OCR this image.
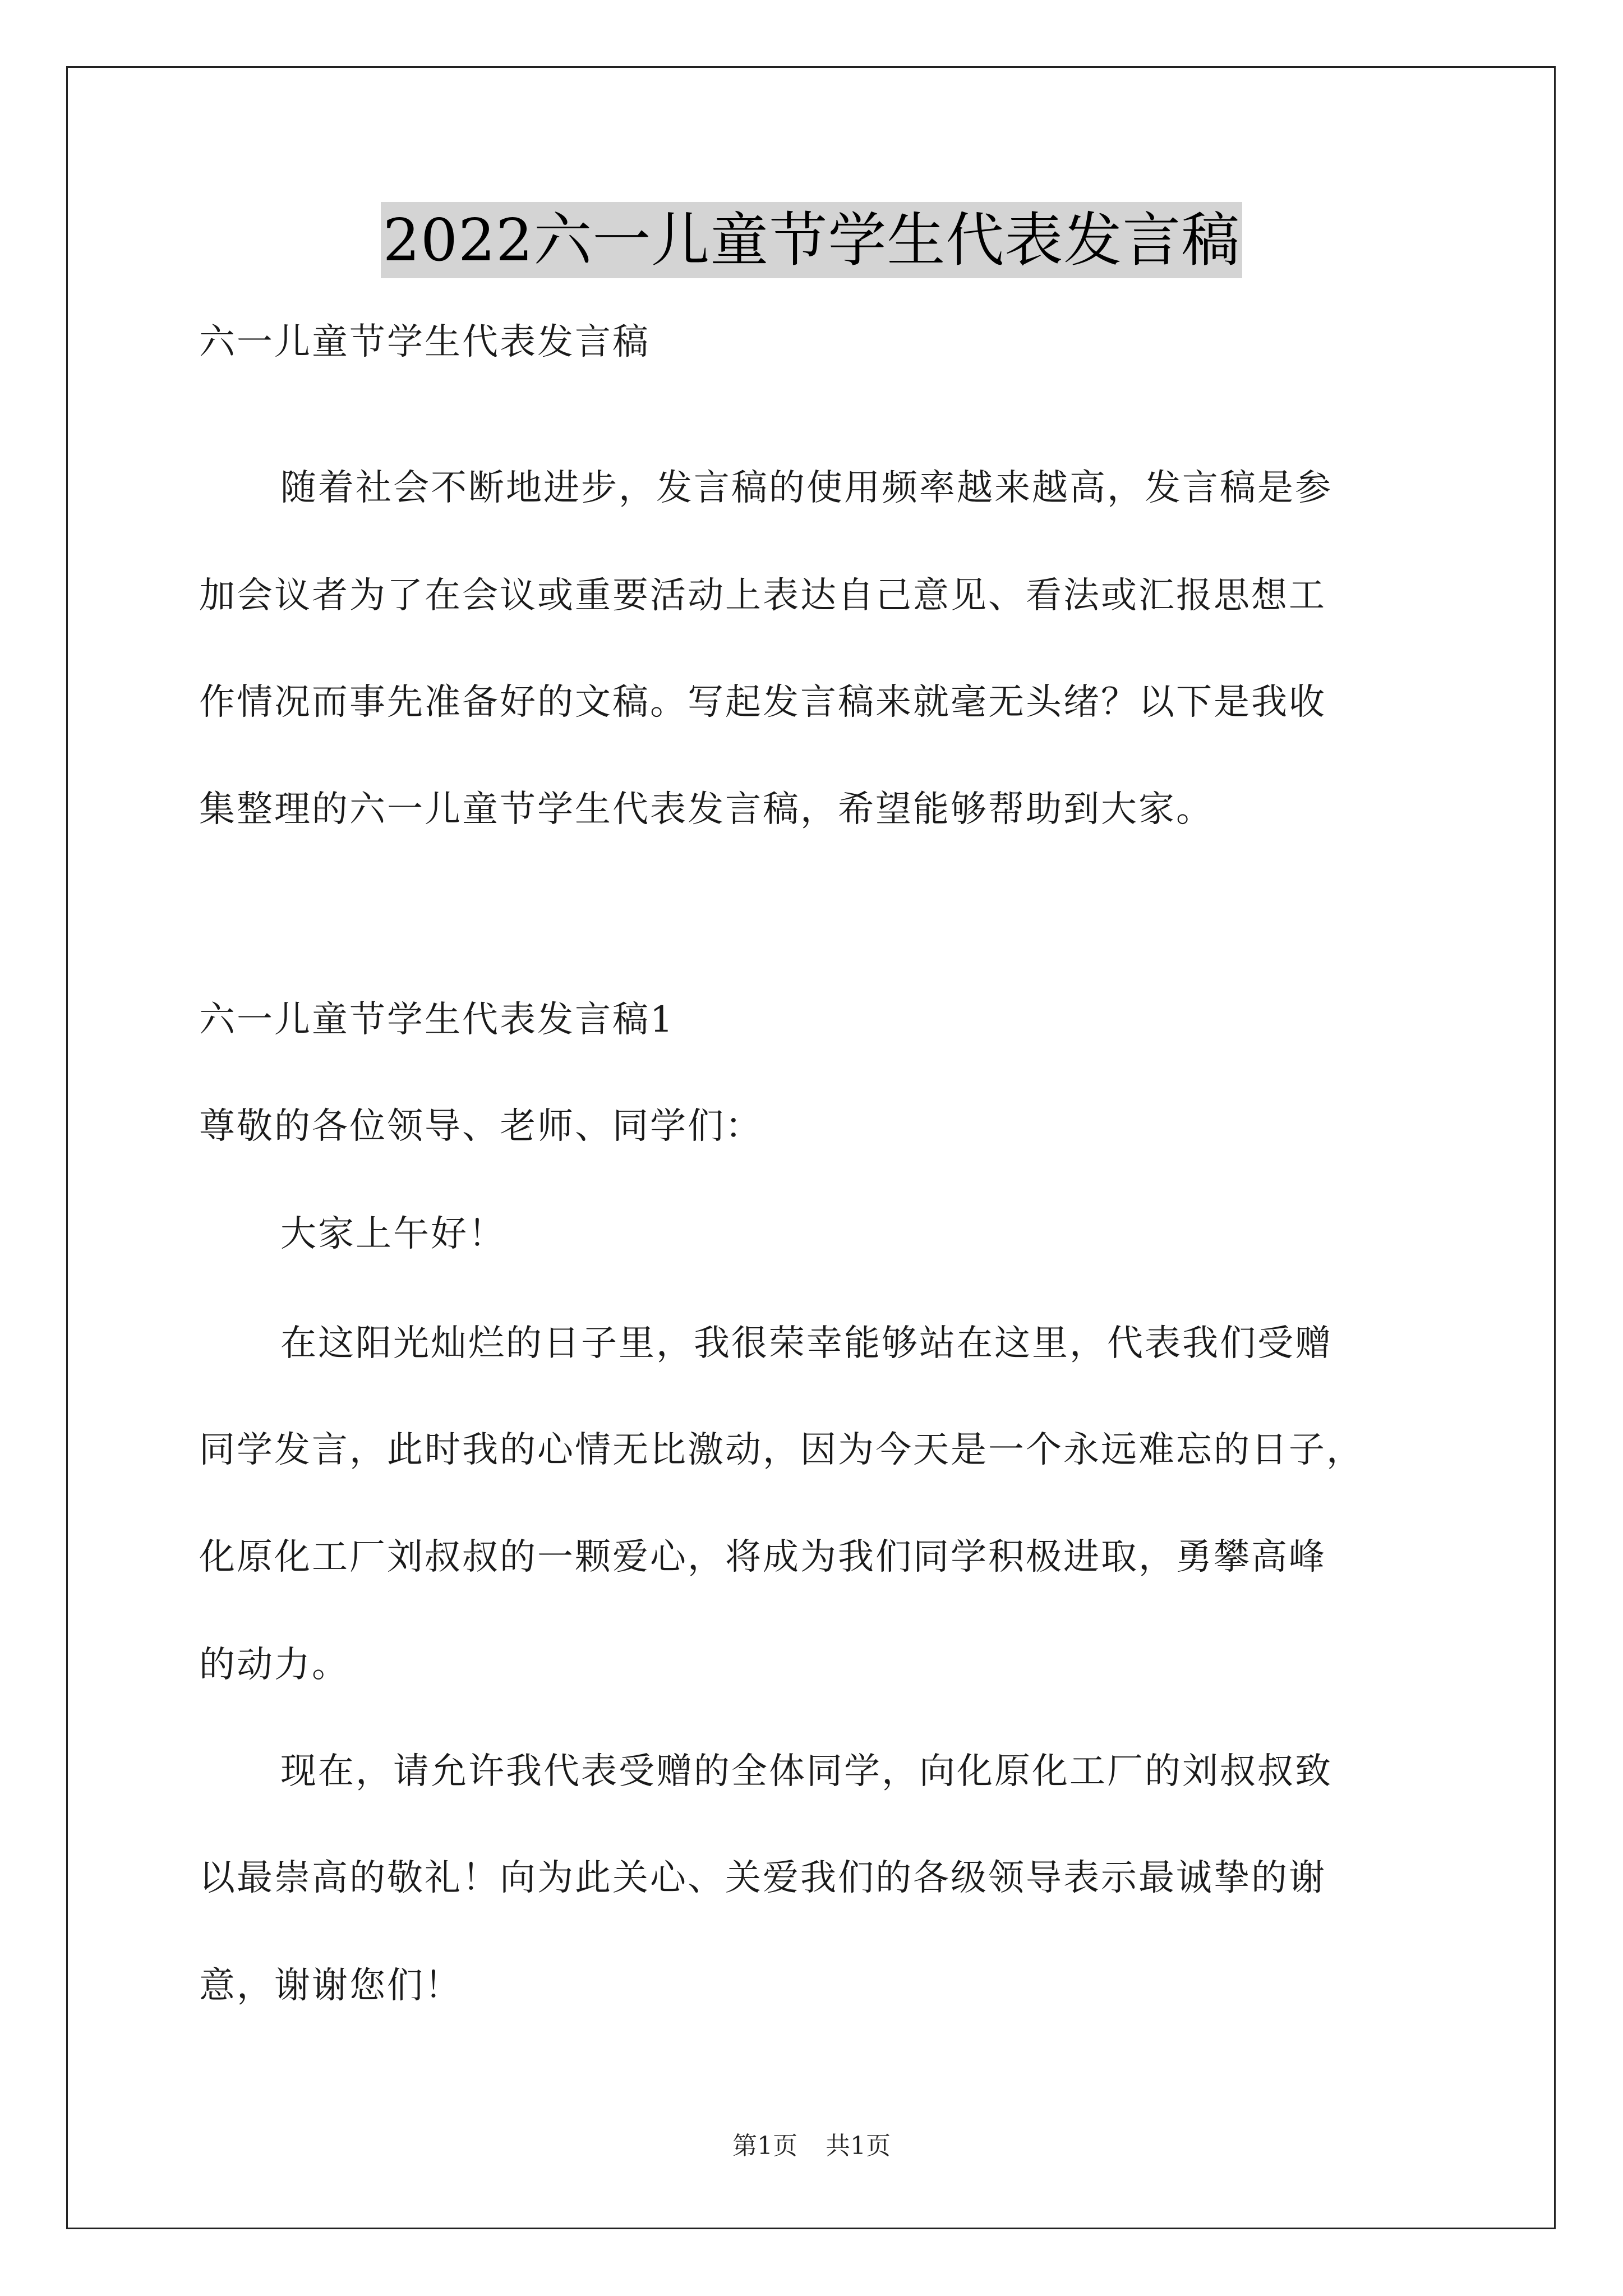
2022六一儿童节学生代表发言稿
六一儿童节学生代表发言稿
随着社会不断地进步，发言稿的使用频率越来越高，发言稿是参
加会议者为了在会议或重要活动上表达自己意见、看法或汇报思想工
作情况而事先准备好的文稿。写起发言稿来就毫无头绪？以下是我收
集整理的六一儿童节学生代表发言稿，希望能够帮助到大家。
六一儿童节学生代表发言稿1
尊敬的各位领导、老师、同学们：
大家上午好！
在这阳光灿烂的日子里，我很荣幸能够站在这里，代表我们受赠
同学发言，此时我的心情无比激动，因为今天是一个永远难忘的日子，
化原化工厂刘叔叔的一颗爱心，将成为我们同学积极进取，勇攀高峰
的动力。
现在，请允许我代表受赠的全体同学，向化原化工厂的刘叔叔致
以最崇高的敬礼！向为此关心、关爱我们的各级领导表示最诚挚的谢
意，谢谢您们！
第1页 共1页
